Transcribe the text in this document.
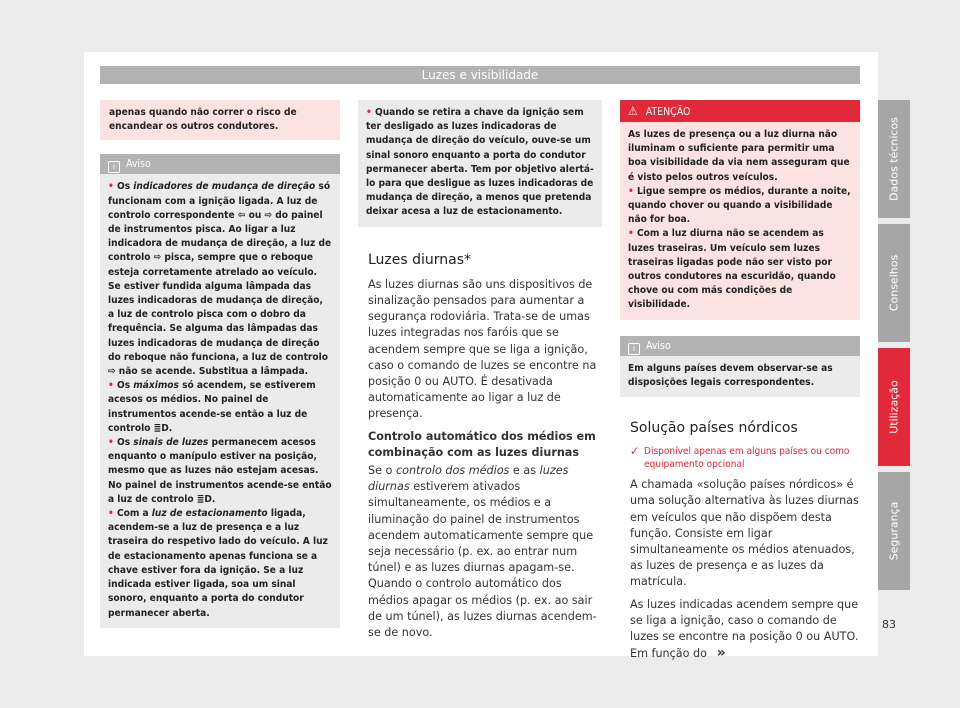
Luzes e visibilidade
apenas quando não correr o risco de encandear os outros condutores.
i Aviso

• Os indicadores de mudança de direção só funcionam com a ignição ligada. A luz de controlo correspondente ⇦ ou ⇨ do painel de instrumentos pisca. Ao ligar a luz indicadora de mudança de direção, a luz de controlo ⇨ pisca, sempre que o reboque esteja corretamente atrelado ao veículo. Se estiver fundida alguma lâmpada das luzes indicadoras de mudança de direção, a luz de controlo pisca com o dobro da frequência. Se alguma das lâmpadas das luzes indicadoras de mudança de direção do reboque não funciona, a luz de controlo ⇨ não se acende. Substitua a lâmpada.

• Os máximos só acendem, se estiverem acesos os médios. No painel de instrumentos acende-se então a luz de controlo ≣D.

• Os sinais de luzes permanecem acesos enquanto o manípulo estiver na posição, mesmo que as luzes não estejam acesas. No painel de instrumentos acende-se então a luz de controlo ≣D.

• Com a luz de estacionamento ligada, acendem-se a luz de presença e a luz traseira do respetivo lado do veículo. A luz de estacionamento apenas funciona se a chave estiver fora da ignição. Se a luz indicada estiver ligada, soa um sinal sonoro, enquanto a porta do condutor permanecer aberta.

• Quando se retira a chave da ignição sem ter desligado as luzes indicadoras de mudança de direção do veículo, ouve-se um sinal sonoro enquanto a porta do condutor permanecer aberta. Tem por objetivo alertá-lo para que desligue as luzes indicadoras de mudança de direção, a menos que pretenda deixar acesa a luz de estacionamento.

Luzes diurnas*

As luzes diurnas são uns dispositivos de sinalização pensados para aumentar a segurança rodoviária. Trata-se de umas luzes integradas nos faróis que se acendem sempre que se liga a ignição, caso o comando de luzes se encontre na posição 0 ou AUTO. É desativada automaticamente ao ligar a luz de presença.

Controlo automático dos médios em combinação com as luzes diurnas

Se o controlo dos médios e as luzes diurnas estiverem ativados simultaneamente, os médios e a iluminação do painel de instrumentos acendem automaticamente sempre que seja necessário (p. ex. ao entrar num túnel) e as luzes diurnas apagam-se. Quando o controlo automático dos médios apagar os médios (p. ex. ao sair de um túnel), as luzes diurnas acendem-se de novo.

⚠ ATENÇÃO

As luzes de presença ou a luz diurna não iluminam o suficiente para permitir uma boa visibilidade da via nem asseguram que é visto pelos outros veículos.

• Ligue sempre os médios, durante a noite, quando chover ou quando a visibilidade não for boa.

• Com a luz diurna não se acendem as luzes traseiras. Um veículo sem luzes traseiras ligadas pode não ser visto por outros condutores na escuridão, quando chove ou com más condições de visibilidade.

i Aviso
Em alguns países devem observar-se as disposições legais correspondentes.
Solução países nórdicos
✓ Disponível apenas em alguns países ou como equipamento opcional

A chamada «solução países nórdicos» é uma solução alternativa às luzes diurnas em veículos que não dispõem desta função. Consiste em ligar simultaneamente os médios atenuados, as luzes de presença e as luzes da matrícula.

As luzes indicadas acendem sempre que se liga a ignição, caso o comando de luzes se encontre na posição 0 ou AUTO. Em função do »

Dados técnicos
Conselhos
Utilização
Segurança
83
